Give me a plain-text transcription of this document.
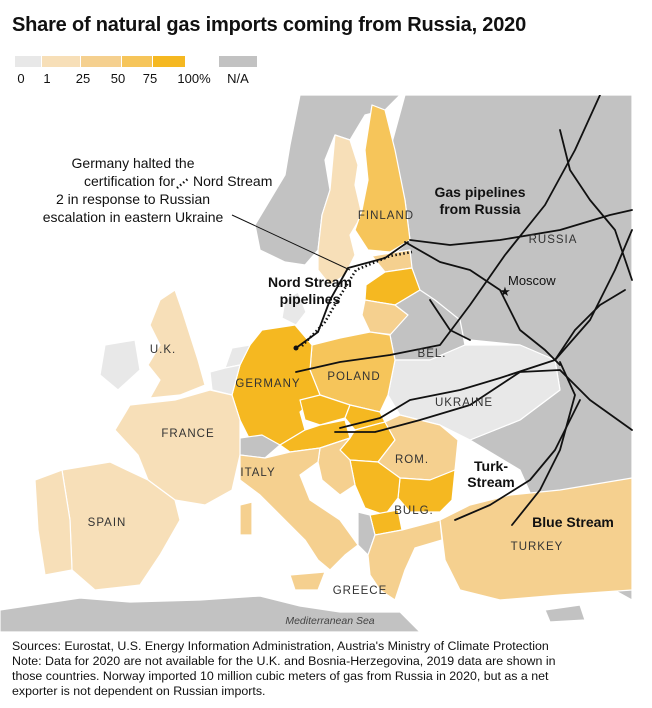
Share of natural gas imports coming from Russia, 2020
0 1 25 50 75 100% N/A
★
FINLAND
RUSSIA
U.K.	BEL.
GERMANY
POLAND
UKRAINE
FRANCE
ROM.
ITALY
BULG.
SPAIN
TURKEY
GREECE
Moscow
Mediterranean Sea
Germany halted the
certification for Nord Stream
2 in response to Russian
escalation in eastern Ukraine
Nord Stream
pipelines
Gas pipelines
from Russia
Turk-
Stream
Blue Stream
Sources: Eurostat, U.S. Energy Information Administration, Austria's Ministry of Climate Protection
Note: Data for 2020 are not available for the U.K. and Bosnia-Herzegovina, 2019 data are shown in
those countries. Norway imported 10 million cubic meters of gas from Russia in 2020, but as a net
exporter is not dependent on Russian imports.
